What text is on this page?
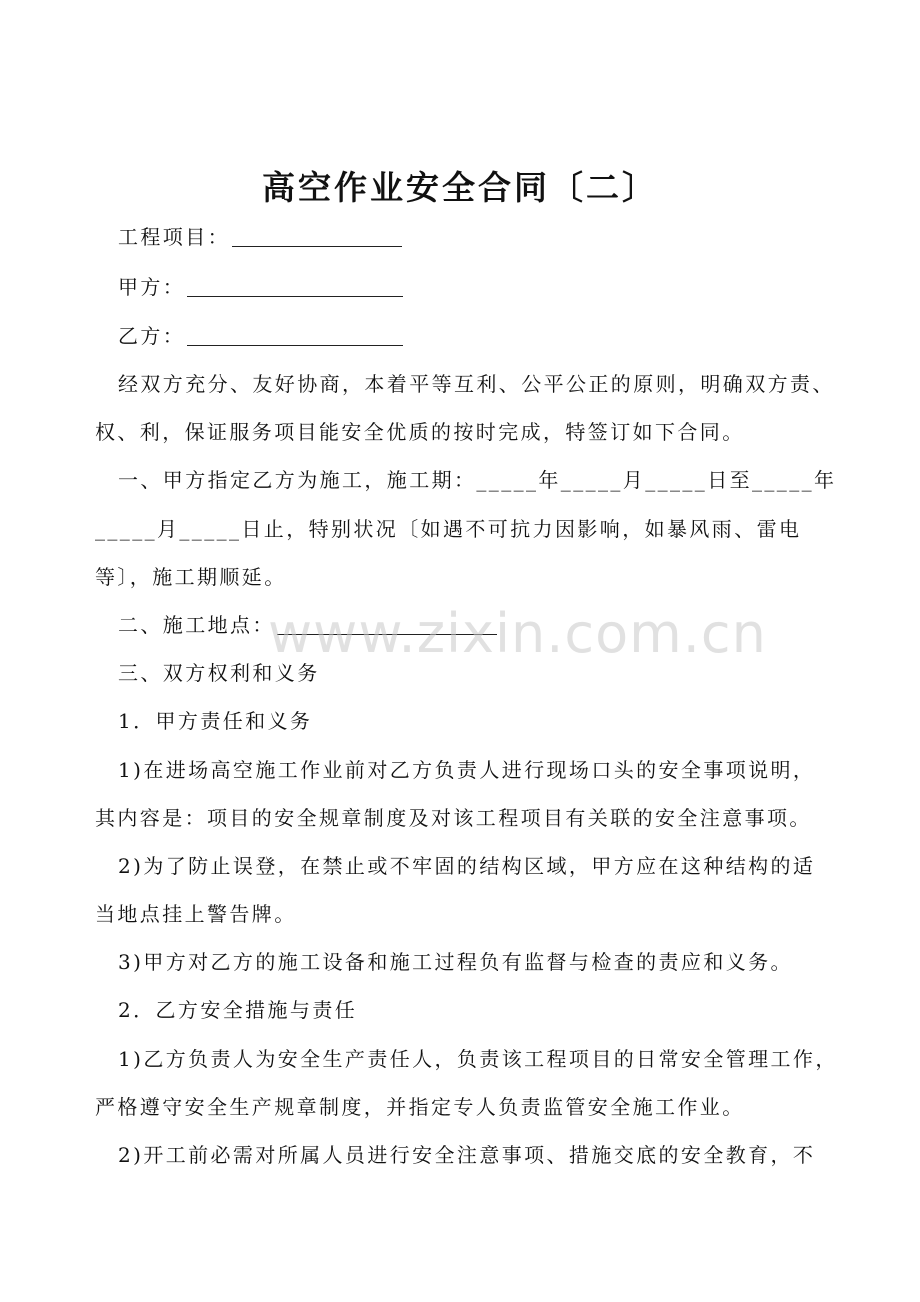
高空作业安全合同〔二〕
工程项目：
甲方：
乙方：
经双方充分、友好协商，本着平等互利、公平公正的原则，明确双方责、
权、利，保证服务项目能安全优质的按时完成，特签订如下合同。
一、甲方指定乙方为施工，施工期：_____年_____月_____日至_____年
_____月_____日止，特别状况〔如遇不可抗力因影响，如暴风雨、雷电
等〕，施工期顺延。
二、施工地点：
三、双方权利和义务
1．甲方责任和义务
1)在进场高空施工作业前对乙方负责人进行现场口头的安全事项说明，
其内容是：项目的安全规章制度及对该工程项目有关联的安全注意事项。
2)为了防止误登，在禁止或不牢固的结构区域，甲方应在这种结构的适
当地点挂上警告牌。
3)甲方对乙方的施工设备和施工过程负有监督与检查的责应和义务。
2．乙方安全措施与责任
1)乙方负责人为安全生产责任人，负责该工程项目的日常安全管理工作，
严格遵守安全生产规章制度，并指定专人负责监管安全施工作业。
2)开工前必需对所属人员进行安全注意事项、措施交底的安全教育，不
www.zixin.com.cn
